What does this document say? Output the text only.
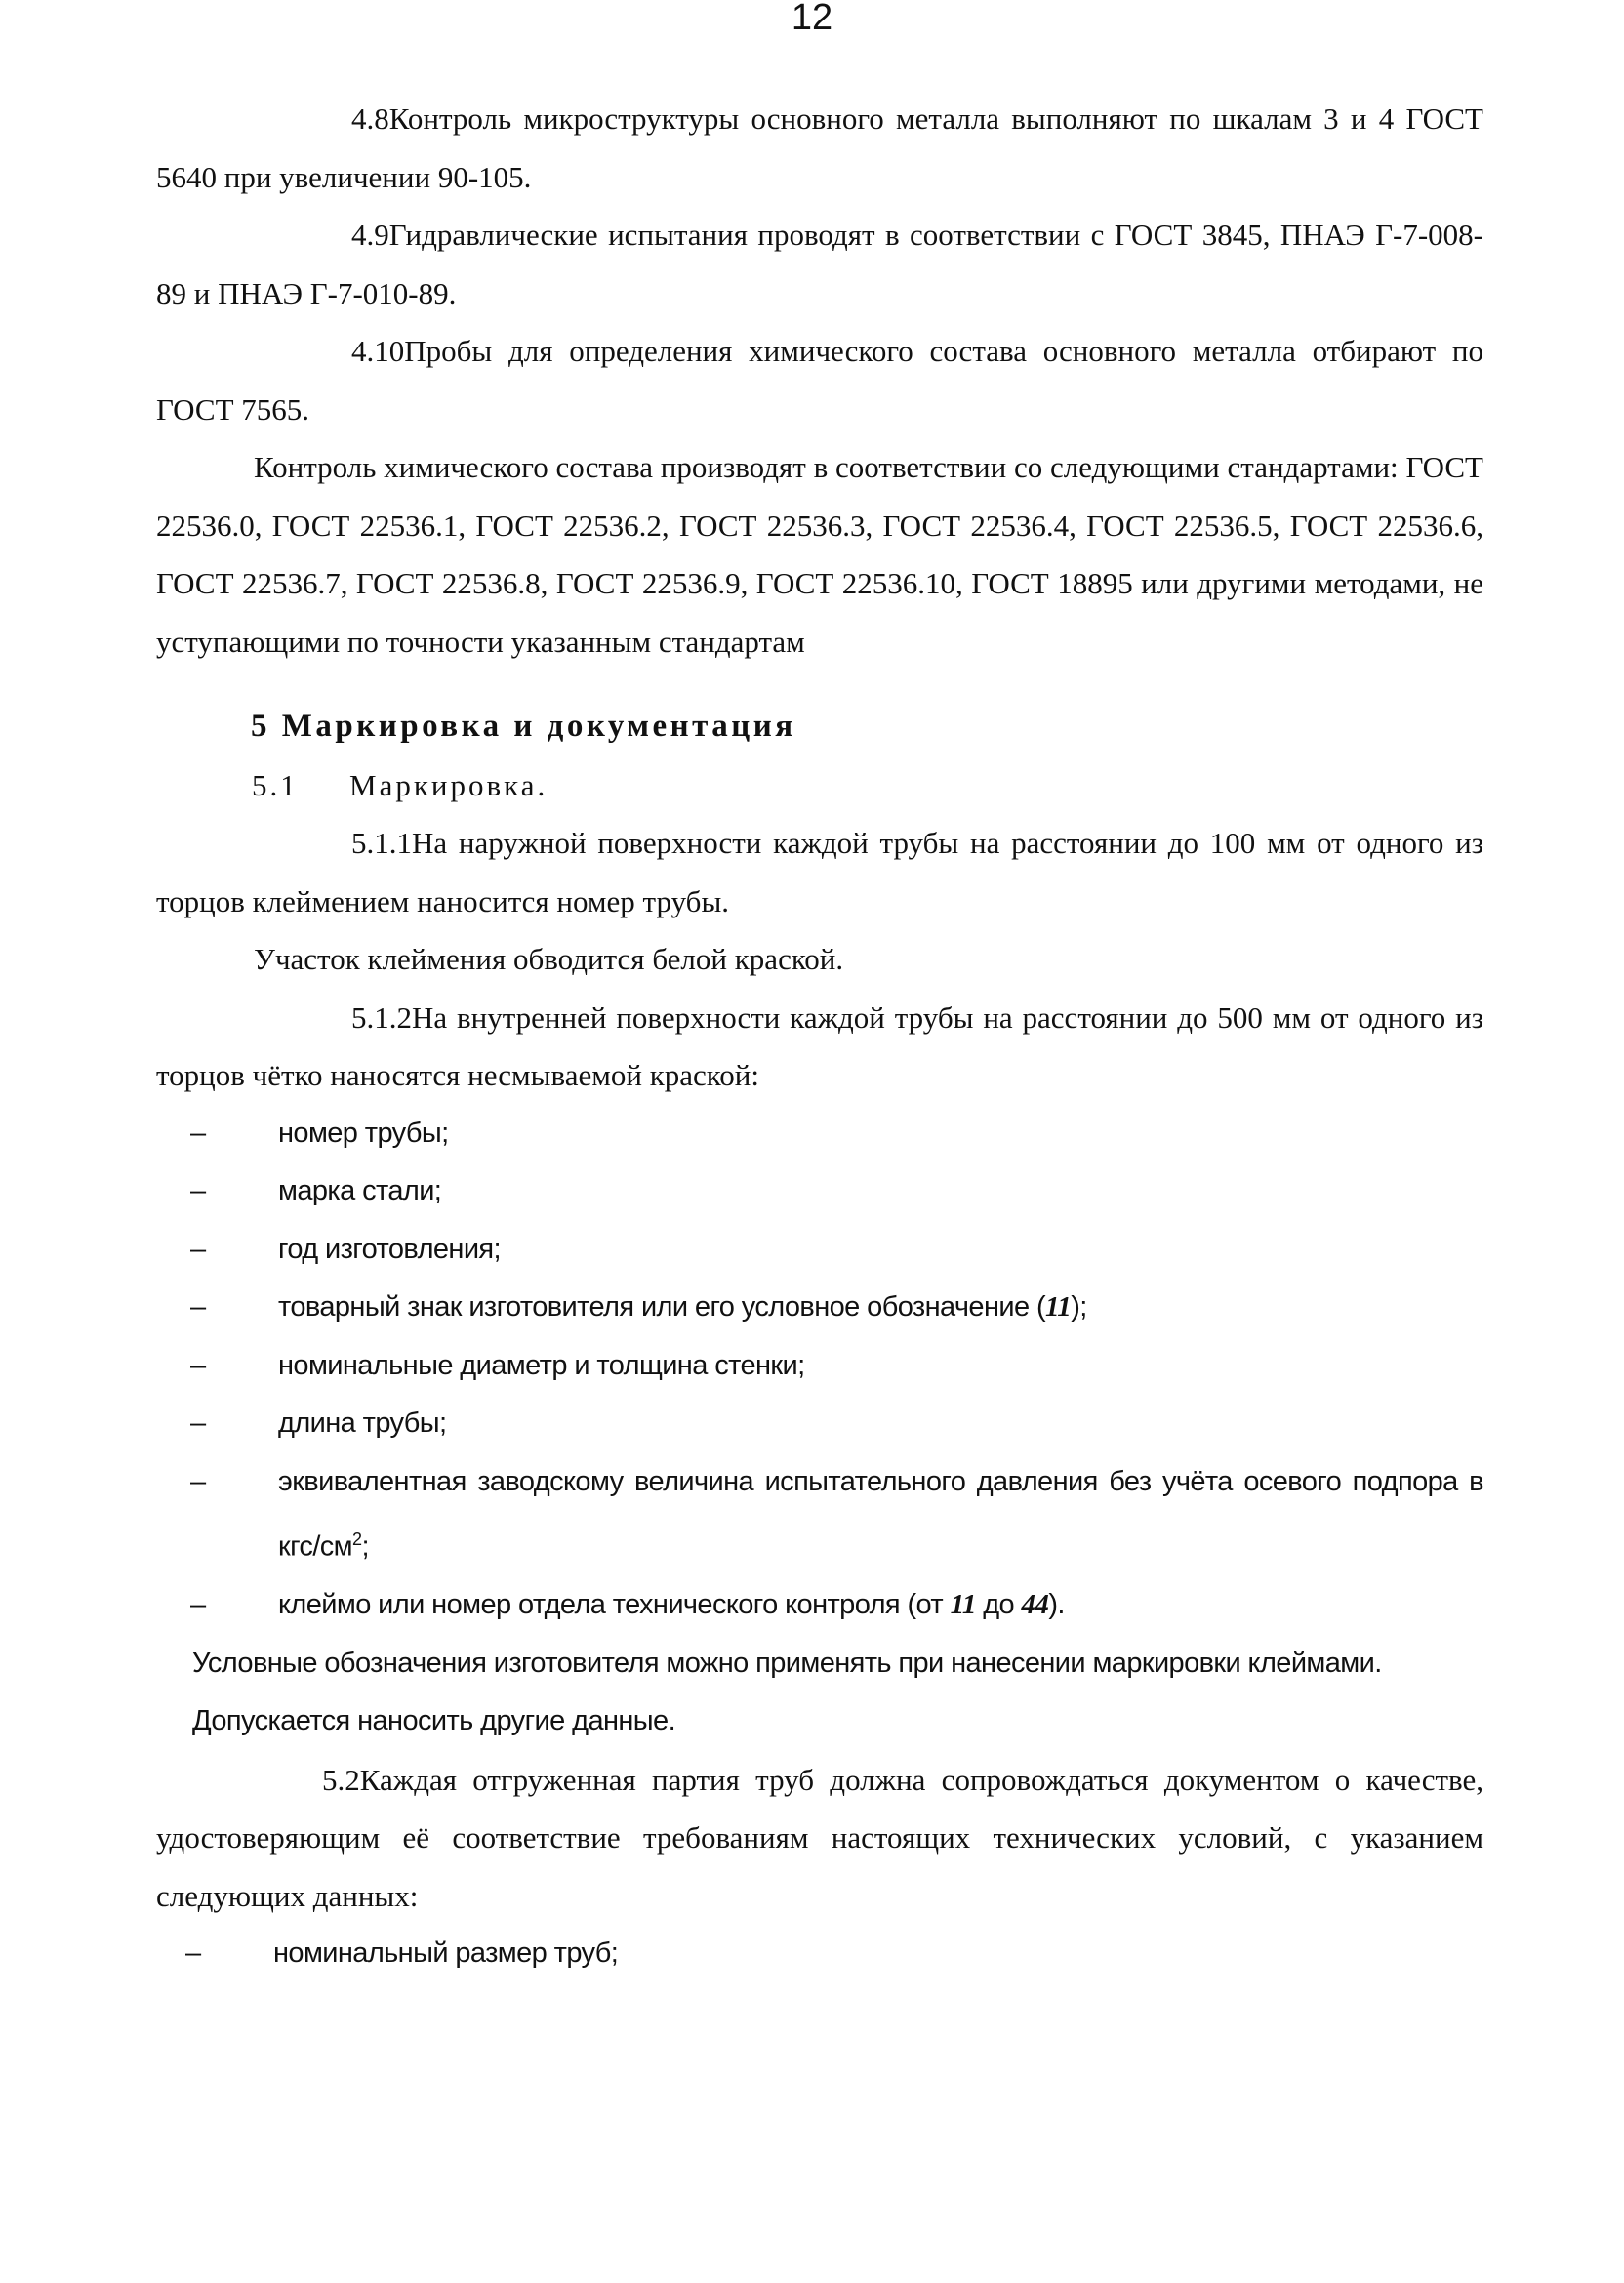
12

4.8Контроль микроструктуры основного металла выполняют по шкалам 3 и 4 ГОСТ 5640 при увеличении 90-105.

4.9Гидравлические испытания проводят в соответствии с ГОСТ 3845, ПНАЭ Г-7-008-89 и ПНАЭ Г-7-010-89.

4.10Пробы для определения химического состава основного металла отбирают по ГОСТ 7565.

Контроль химического состава производят в соответствии со следующими стандартами: ГОСТ 22536.0, ГОСТ 22536.1, ГОСТ 22536.2, ГОСТ 22536.3, ГОСТ 22536.4, ГОСТ 22536.5, ГОСТ 22536.6, ГОСТ 22536.7, ГОСТ 22536.8, ГОСТ 22536.9, ГОСТ 22536.10, ГОСТ 18895 или другими методами, не уступающими по точности указанным стандартам

5 Маркировка и документация

5.1 Маркировка.

5.1.1На наружной поверхности каждой трубы на расстоянии до 100 мм от одного из торцов клеймением наносится номер трубы.

Участок клеймения обводится белой краской.

5.1.2На внутренней поверхности каждой трубы на расстоянии до 500 мм от одного из торцов чётко наносятся несмываемой краской:

–	номер трубы;
–	марка стали;
–	год изготовления;
–	товарный знак изготовителя или его условное обозначение (11);
–	номинальные диаметр и толщина стенки;
–	длина трубы;
–	эквивалентная заводскому величина испытательного давления без учёта осевого подпора в кгс/$см^2$;
–	клеймо или номер отдела технического контроля (от 11 до 44).

Условные обозначения изготовителя можно применять при нанесении маркировки клеймами.

Допускается наносить другие данные.

5.2Каждая отгруженная партия труб должна сопровождаться документом о качестве, удостоверяющим её соответствие требованиям настоящих технических условий, с указанием следующих данных:

–	номинальный размер труб;
